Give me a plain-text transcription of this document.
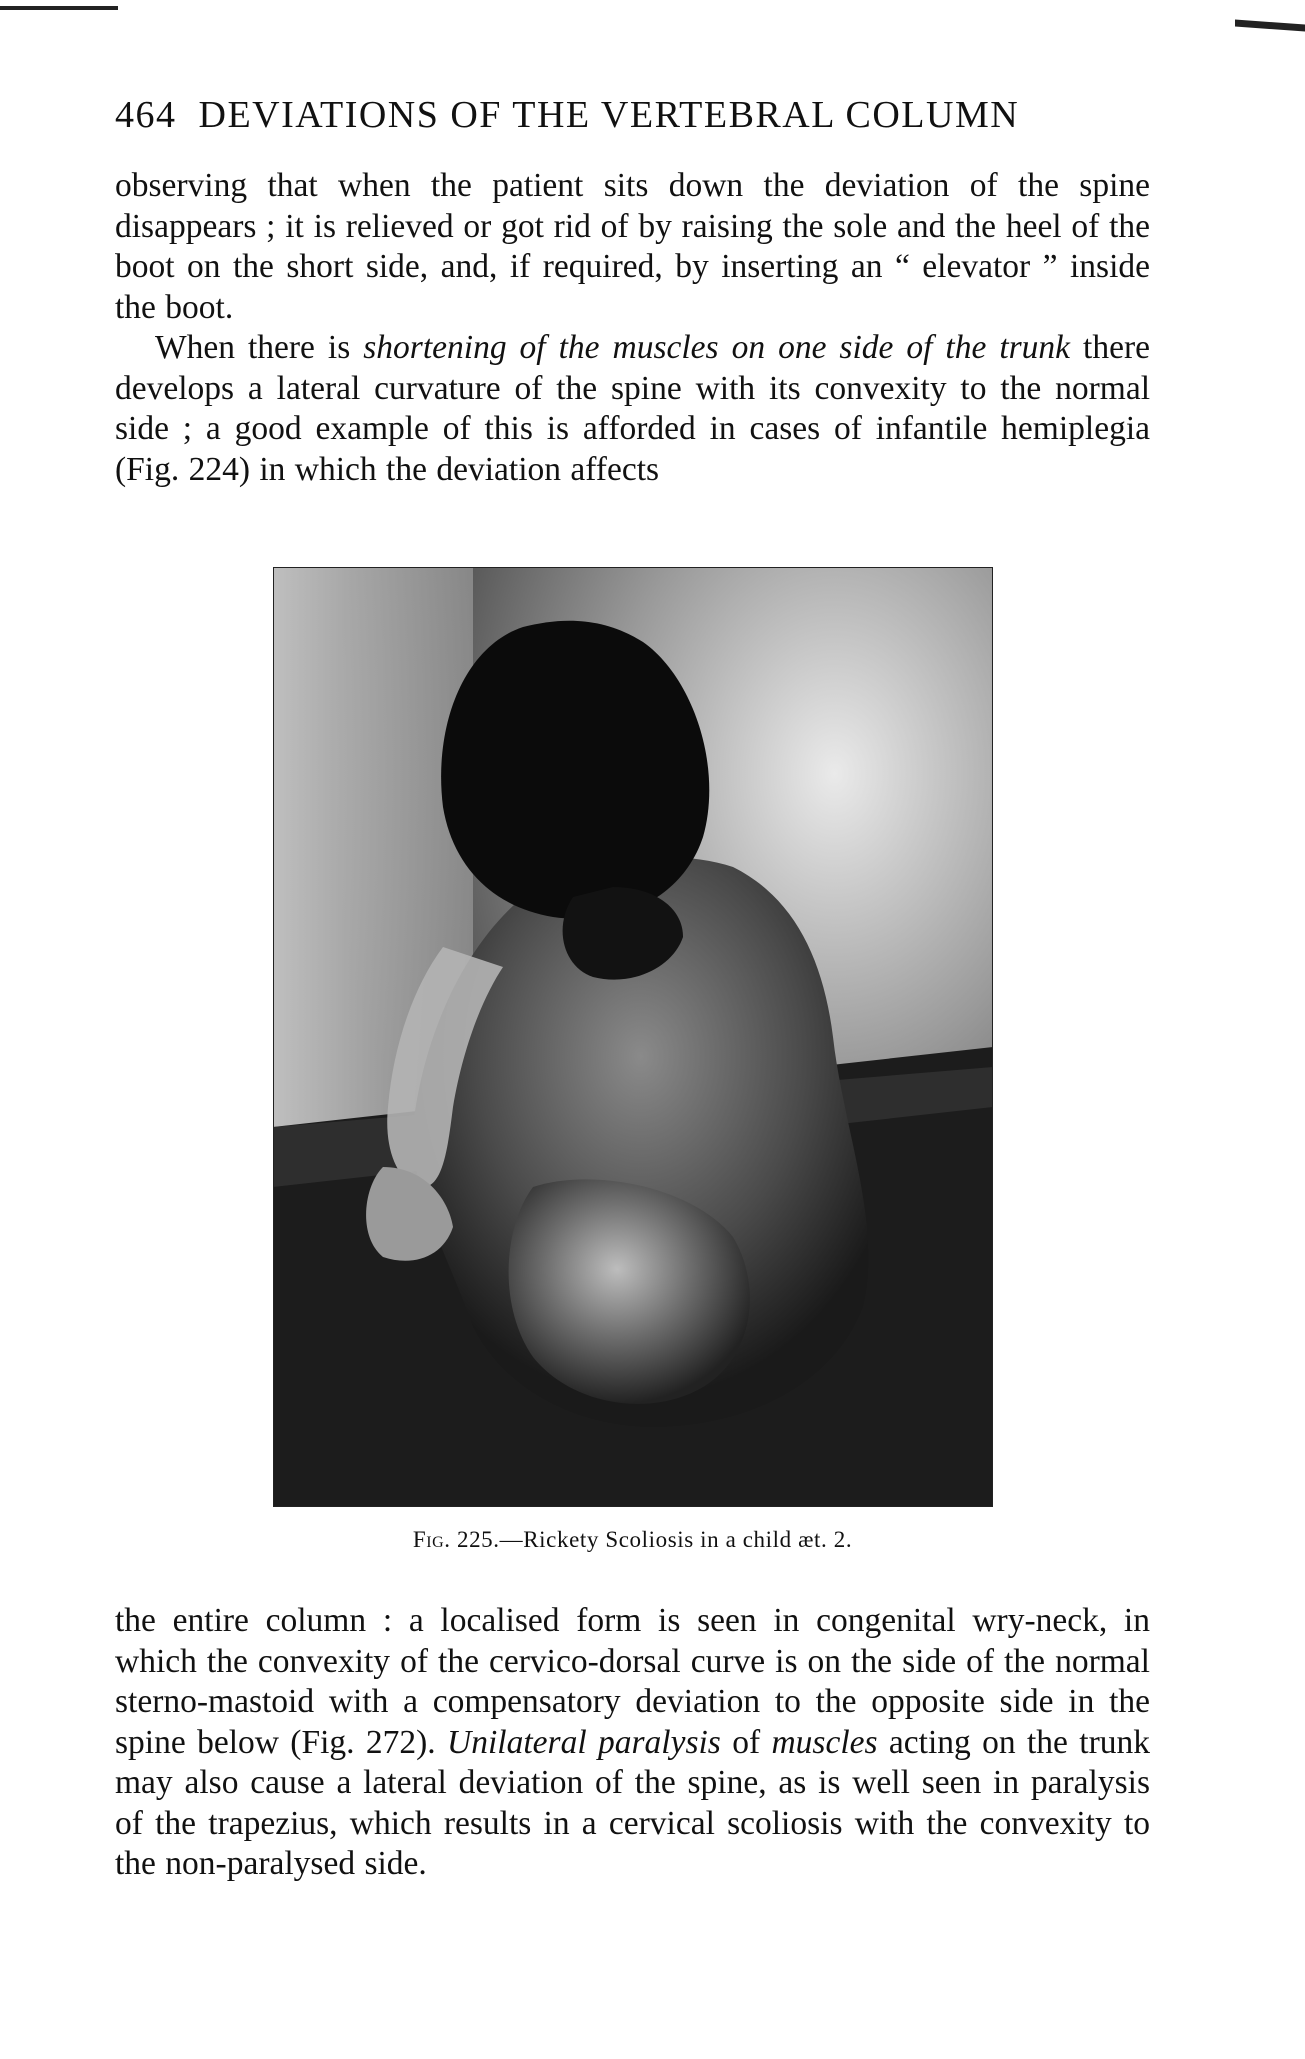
464 DEVIATIONS OF THE VERTEBRAL COLUMN

observing that when the patient sits down the deviation of the spine disappears ; it is relieved or got rid of by raising the sole and the heel of the boot on the short side, and, if required, by inserting an “ elevator ” inside the boot.

When there is shortening of the muscles on one side of the trunk there develops a lateral curvature of the spine with its convexity to the normal side ; a good example of this is afforded in cases of infantile hemiplegia (Fig. 224) in which the deviation affects

Fig. 225.—Rickety Scoliosis in a child æt. 2.

the entire column : a localised form is seen in congenital wry-neck, in which the convexity of the cervico-dorsal curve is on the side of the normal sterno-mastoid with a compensatory deviation to the opposite side in the spine below (Fig. 272). Unilateral paralysis of muscles acting on the trunk may also cause a lateral deviation of the spine, as is well seen in paralysis of the trapezius, which results in a cervical scoliosis with the convexity to the non-paralysed side.
